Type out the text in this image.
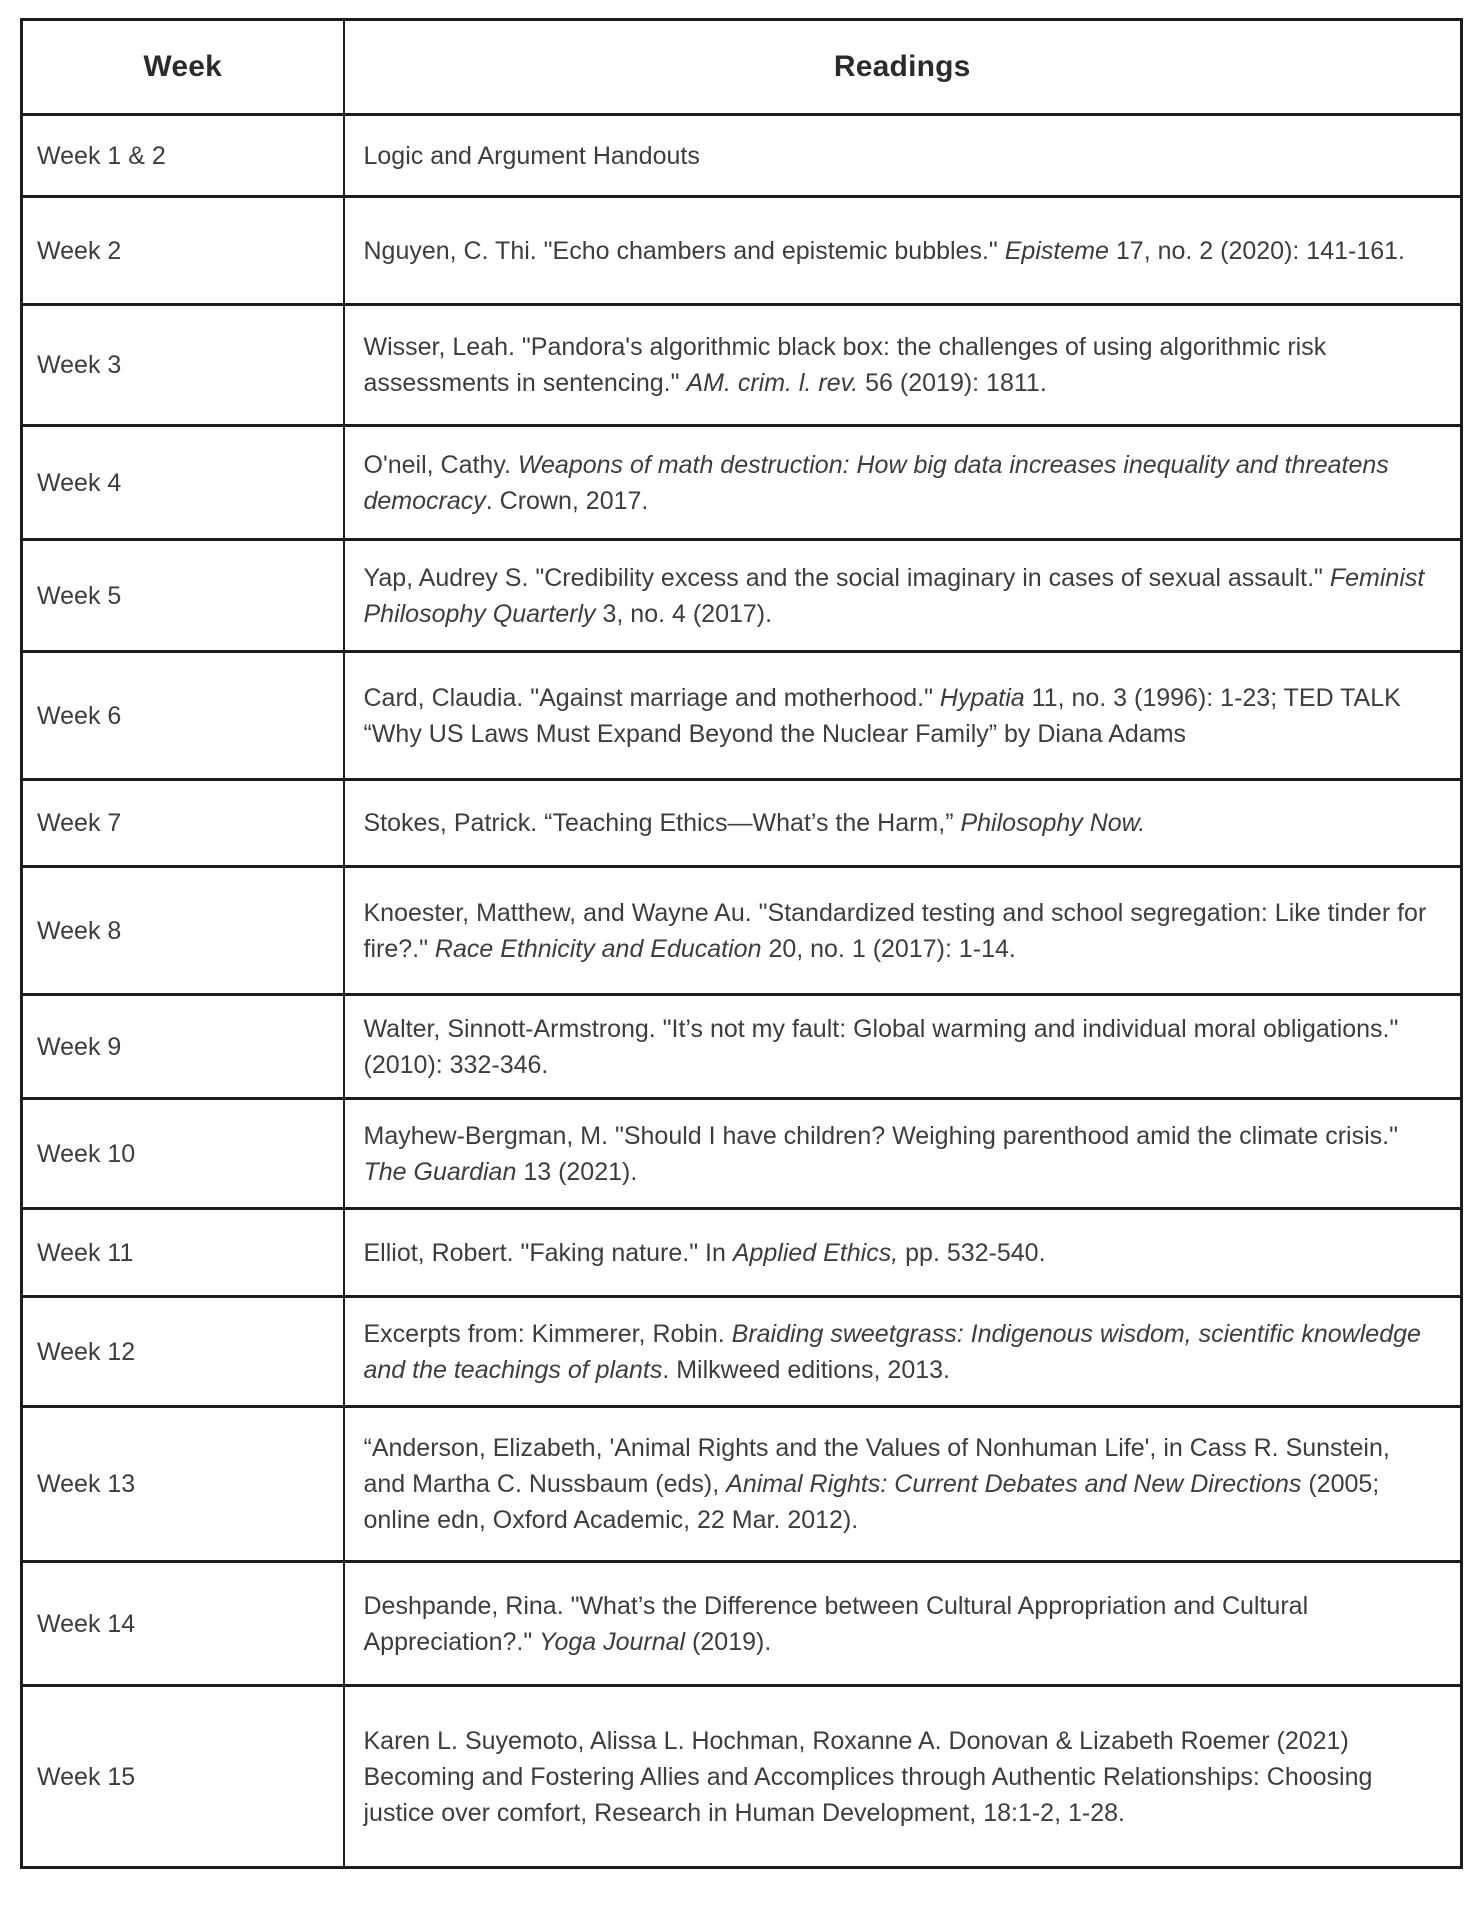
Week	Readings
Week 1 & 2	Logic and Argument Handouts
Week 2	Nguyen, C. Thi. "Echo chambers and epistemic bubbles." Episteme 17, no. 2 (2020): 141-161.
Week 3	Wisser, Leah. "Pandora's algorithmic black box: the challenges of using algorithmic risk assessments in sentencing." AM. crim. l. rev. 56 (2019): 1811.
Week 4	O'neil, Cathy. Weapons of math destruction: How big data increases inequality and threatens democracy. Crown, 2017.
Week 5	Yap, Audrey S. "Credibility excess and the social imaginary in cases of sexual assault." Feminist Philosophy Quarterly 3, no. 4 (2017).
Week 6	Card, Claudia. "Against marriage and motherhood." Hypatia 11, no. 3 (1996): 1-23; TED TALK “Why US Laws Must Expand Beyond the Nuclear Family” by Diana Adams
Week 7	Stokes, Patrick. “Teaching Ethics—What’s the Harm,” Philosophy Now.
Week 8	Knoester, Matthew, and Wayne Au. "Standardized testing and school segregation: Like tinder for fire?." Race Ethnicity and Education 20, no. 1 (2017): 1-14.
Week 9	Walter, Sinnott-Armstrong. "It’s not my fault: Global warming and individual moral obligations." (2010): 332-346.
Week 10	Mayhew-Bergman, M. "Should I have children? Weighing parenthood amid the climate crisis." The Guardian 13 (2021).
Week 11	Elliot, Robert. "Faking nature." In Applied Ethics, pp. 532-540.
Week 12	Excerpts from: Kimmerer, Robin. Braiding sweetgrass: Indigenous wisdom, scientific knowledge and the teachings of plants. Milkweed editions, 2013.
Week 13	“Anderson, Elizabeth, 'Animal Rights and the Values of Nonhuman Life', in Cass R. Sunstein, and Martha C. Nussbaum (eds), Animal Rights: Current Debates and New Directions (2005; online edn, Oxford Academic, 22 Mar. 2012).
Week 14	Deshpande, Rina. "What’s the Difference between Cultural Appropriation and Cultural Appreciation?." Yoga Journal (2019).
Week 15	Karen L. Suyemoto, Alissa L. Hochman, Roxanne A. Donovan & Lizabeth Roemer (2021) Becoming and Fostering Allies and Accomplices through Authentic Relationships: Choosing justice over comfort, Research in Human Development, 18:1-2, 1-28.
